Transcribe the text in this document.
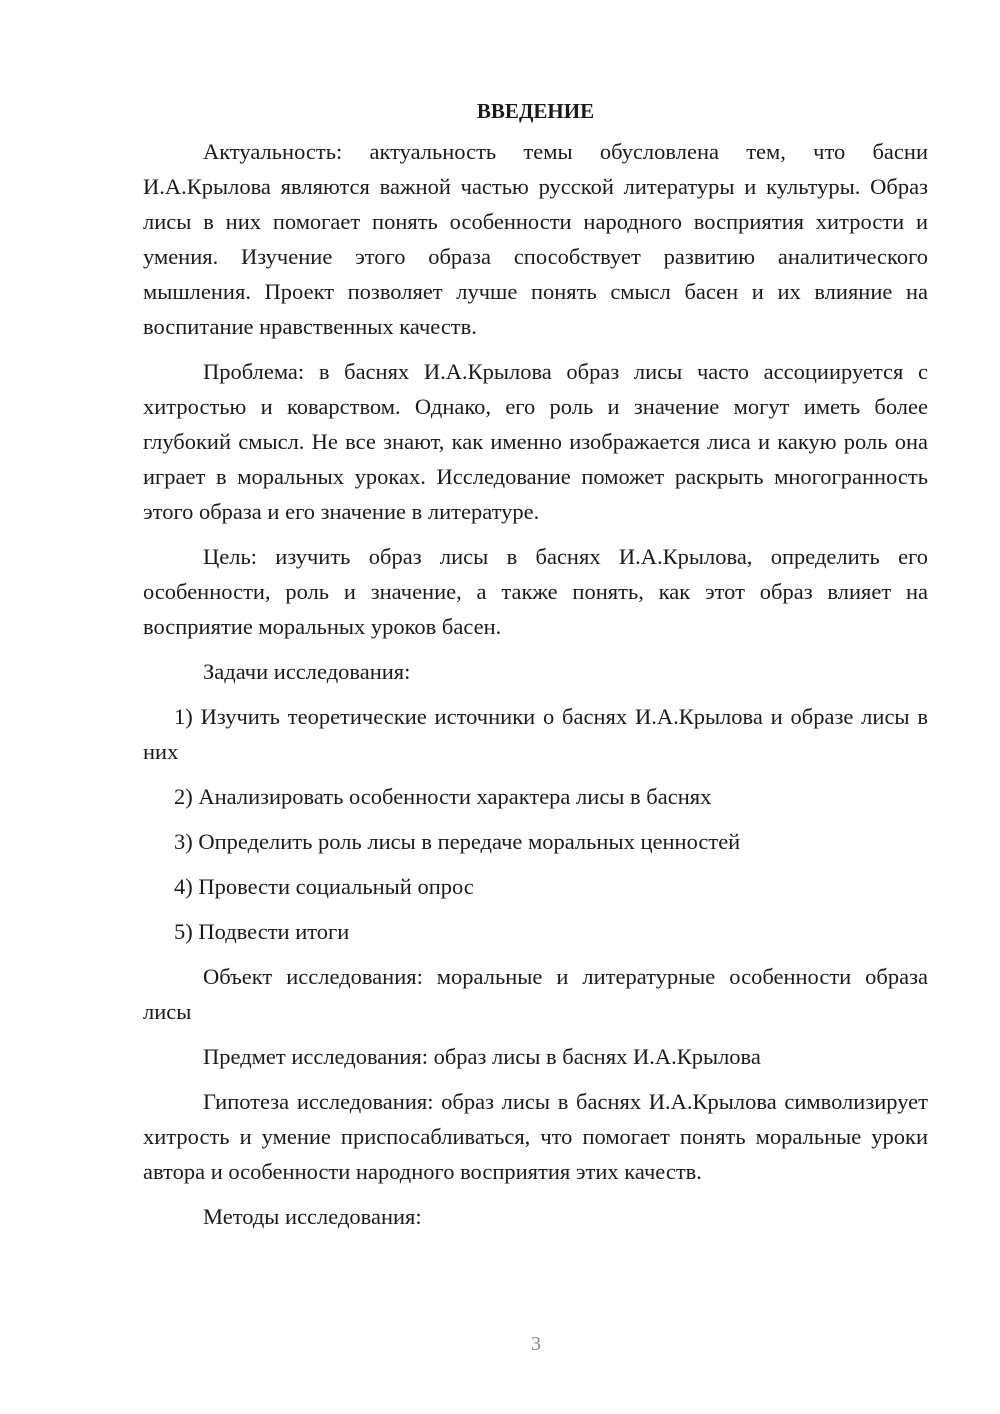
ВВЕДЕНИЕ

Актуальность: актуальность темы обусловлена тем, что басни И.А.Крылова являются важной частью русской литературы и культуры. Образ лисы в них помогает понять особенности народного восприятия хитрости и умения. Изучение этого образа способствует развитию аналитического мышления. Проект позволяет лучше понять смысл басен и их влияние на воспитание нравственных качеств.

Проблема: в баснях И.А.Крылова образ лисы часто ассоциируется с хитростью и коварством. Однако, его роль и значение могут иметь более глубокий смысл. Не все знают, как именно изображается лиса и какую роль она играет в моральных уроках. Исследование поможет раскрыть многогранность этого образа и его значение в литературе.

Цель: изучить образ лисы в баснях И.А.Крылова, определить его особенности, роль и значение, а также понять, как этот образ влияет на восприятие моральных уроков басен.

Задачи исследования:

1) Изучить теоретические источники о баснях И.А.Крылова и образе лисы в них

2) Анализировать особенности характера лисы в баснях

3) Определить роль лисы в передаче моральных ценностей

4) Провести социальный опрос

5) Подвести итоги

Объект исследования: моральные и литературные особенности образа лисы

Предмет исследования: образ лисы в баснях И.А.Крылова

Гипотеза исследования: образ лисы в баснях И.А.Крылова символизирует хитрость и умение приспосабливаться, что помогает понять моральные уроки автора и особенности народного восприятия этих качеств.

Методы исследования:

3
